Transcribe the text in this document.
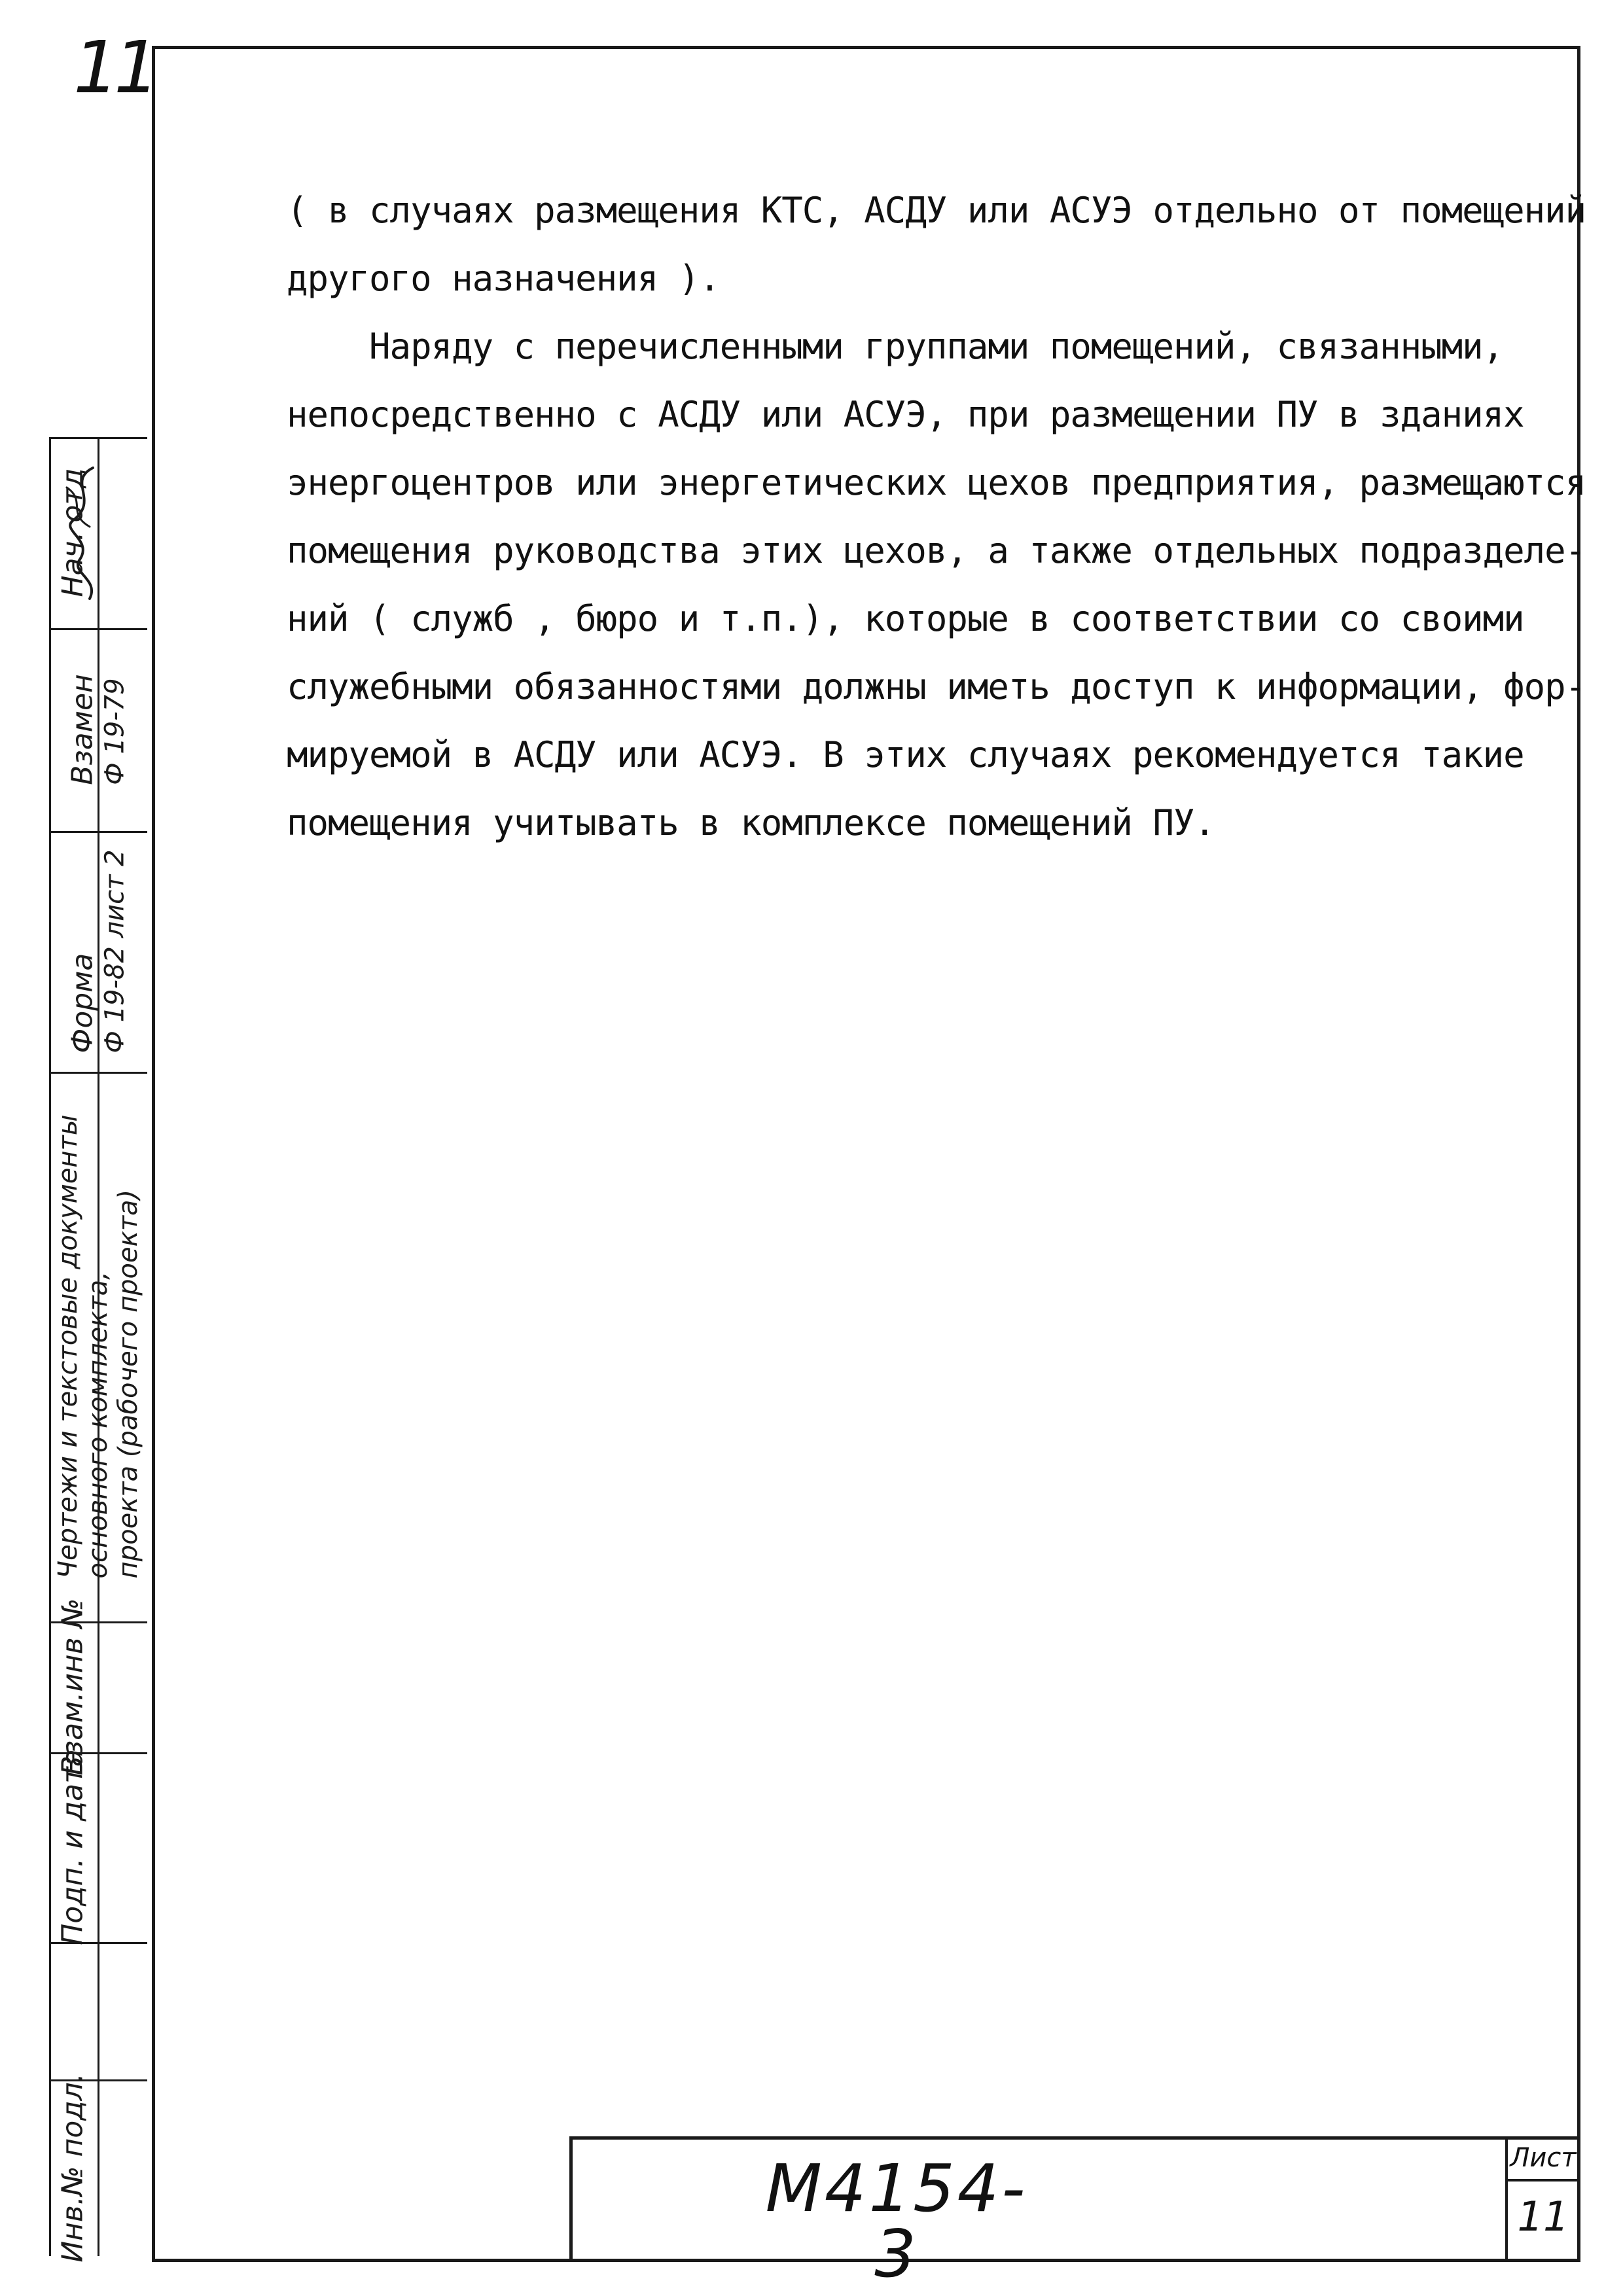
11
( в случаях размещения КТС, АСДУ или АСУЭ отдельно от помещений
другого назначения ).
Наряду с перечисленными группами помещений, связанными,
непосредственно с АСДУ или АСУЭ, при размещении ПУ в зданиях
энергоцентров или энергетических цехов предприятия, размещаются
помещения руководства этих цехов, а также отдельных подразделе-
ний ( служб , бюро и т.п.), которые в соответствии со своими
служебными обязанностями должны иметь доступ к информации, фор-
мируемой в АСДУ или АСУЭ. В этих случаях рекомендуется такие
помещения учитывать в комплексе помещений ПУ.
Нач. отд
Взамен Ф 19-79
Форма Ф 19-82 лист 2
Чертежи и текстовые документы основного комплекта, проекта (рабочего проекта)
Взам.инв №
Подп. и дата
Инв.№ подл.	М4154-3
Лист
11
